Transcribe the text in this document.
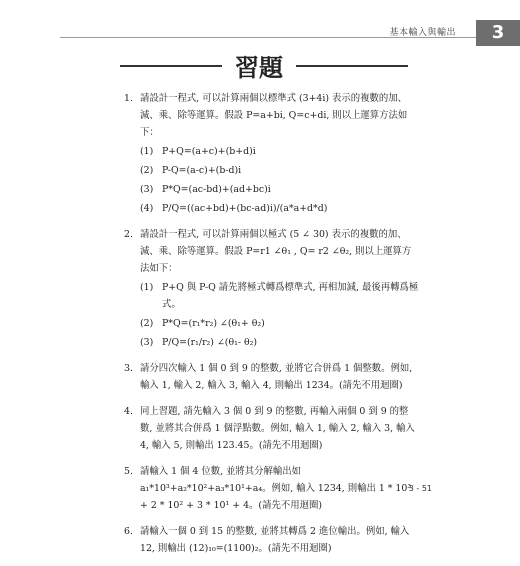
基本輸入與輸出	3
習題
1. 請設計一程式, 可以計算兩個以標準式 (3+4i) 表示的複數的加、減、乘、除等運算。假設 P=a+bi, Q=c+di, 則以上運算方法如下：
(1) P+Q=(a+c)+(b+d)i
(2) P-Q=(a-c)+(b-d)i
(3) P*Q=(ac-bd)+(ad+bc)i
(4) P/Q=((ac+bd)+(bc-ad)i)/(a*a+d*d)
2. 請設計一程式, 可以計算兩個以極式 (5 ∠ 30) 表示的複數的加、減、乘、除等運算。假設 P=r1 ∠θ₁ , Q= r2 ∠θ₂, 則以上運算方法如下：
(1) P+Q 與 P-Q 請先將極式轉爲標準式, 再相加減, 最後再轉爲極式。
(2) P*Q=(r₁*r₂) ∠(θ₁+ θ₂)
(3) P/Q=(r₁/r₂) ∠(θ₁- θ₂)
3. 請分四次輸入 1 個 0 到 9 的整數, 並將它合併爲 1 個整數。例如, 輸入 1, 輸入 2, 輸入 3, 輸入 4, 則輸出 1234。(請先不用迴圈)
4. 同上習題, 請先輸入 3 個 0 到 9 的整數, 再輸入兩個 0 到 9 的整數, 並將其合併爲 1 個浮點數。例如, 輸入 1, 輸入 2, 輸入 3, 輸入 4, 輸入 5, 則輸出 123.45。(請先不用迴圈)
5. 請輸入 1 個 4 位數, 並將其分解輸出如 a₁*10³+a₂*10²+a₃*10¹+a₄。例如, 輸入 1234, 則輸出 1 * 10³ + 2 * 10² + 3 * 10¹ + 4。(請先不用迴圈)
6. 請輸入一個 0 到 15 的整數, 並將其轉爲 2 進位輸出。例如, 輸入 12, 則輸出 (12)₁₀=(1100)₂。(請先不用迴圈)
3 - 51
